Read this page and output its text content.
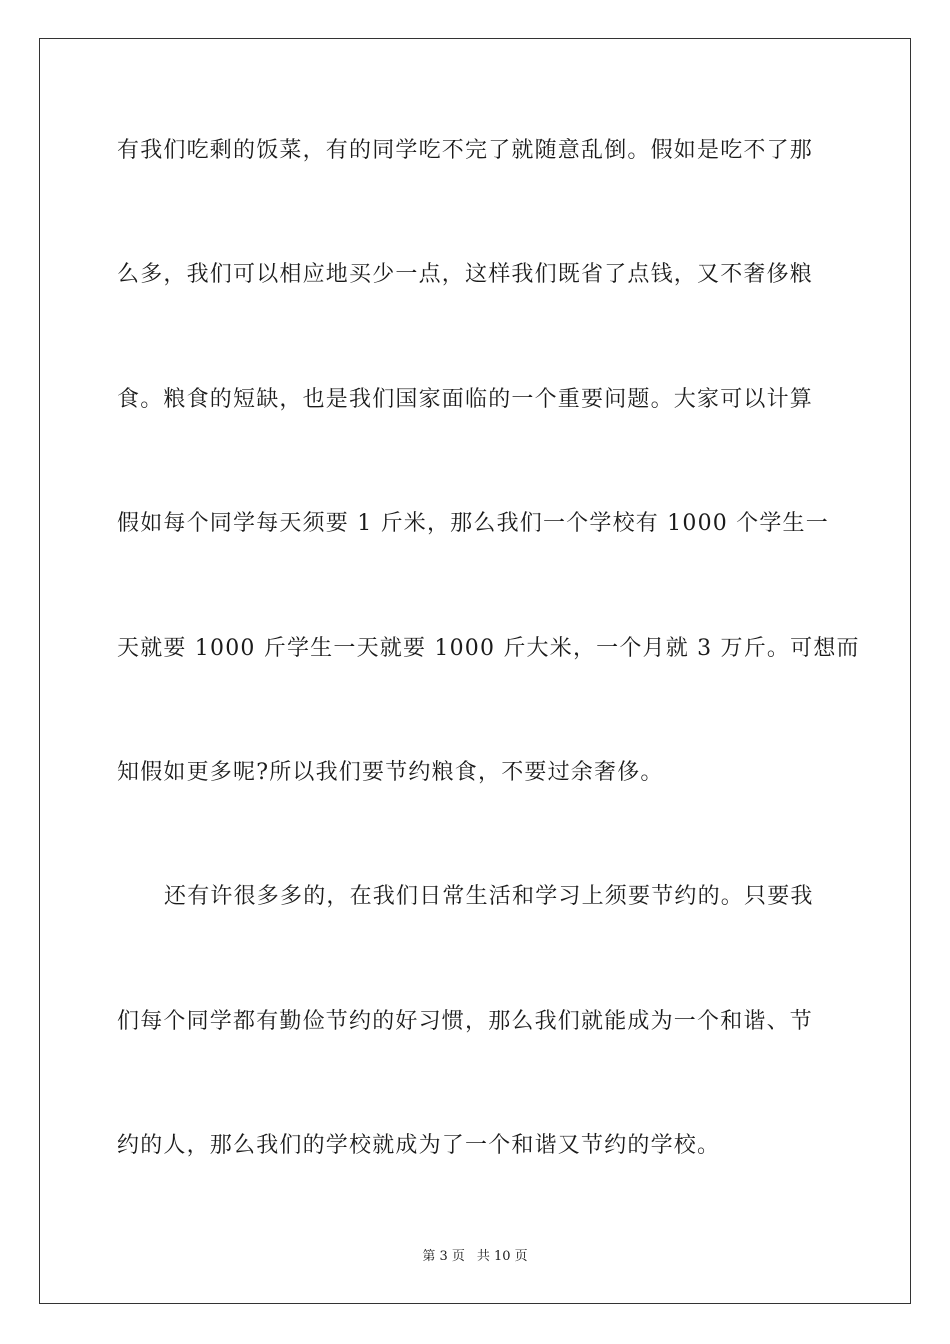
有我们吃剩的饭菜，有的同学吃不完了就随意乱倒。假如是吃不了那
么多，我们可以相应地买少一点，这样我们既省了点钱，又不奢侈粮
食。粮食的短缺，也是我们国家面临的一个重要问题。大家可以计算
假如每个同学每天须要 1 斤米，那么我们一个学校有 1000 个学生一
天就要 1000 斤学生一天就要 1000 斤大米，一个月就 3 万斤。可想而
知假如更多呢?所以我们要节约粮食，不要过余奢侈。
还有许很多多的，在我们日常生活和学习上须要节约的。只要我
们每个同学都有勤俭节约的好习惯，那么我们就能成为一个和谐、节
约的人，那么我们的学校就成为了一个和谐又节约的学校。
第 3 页 共 10 页
